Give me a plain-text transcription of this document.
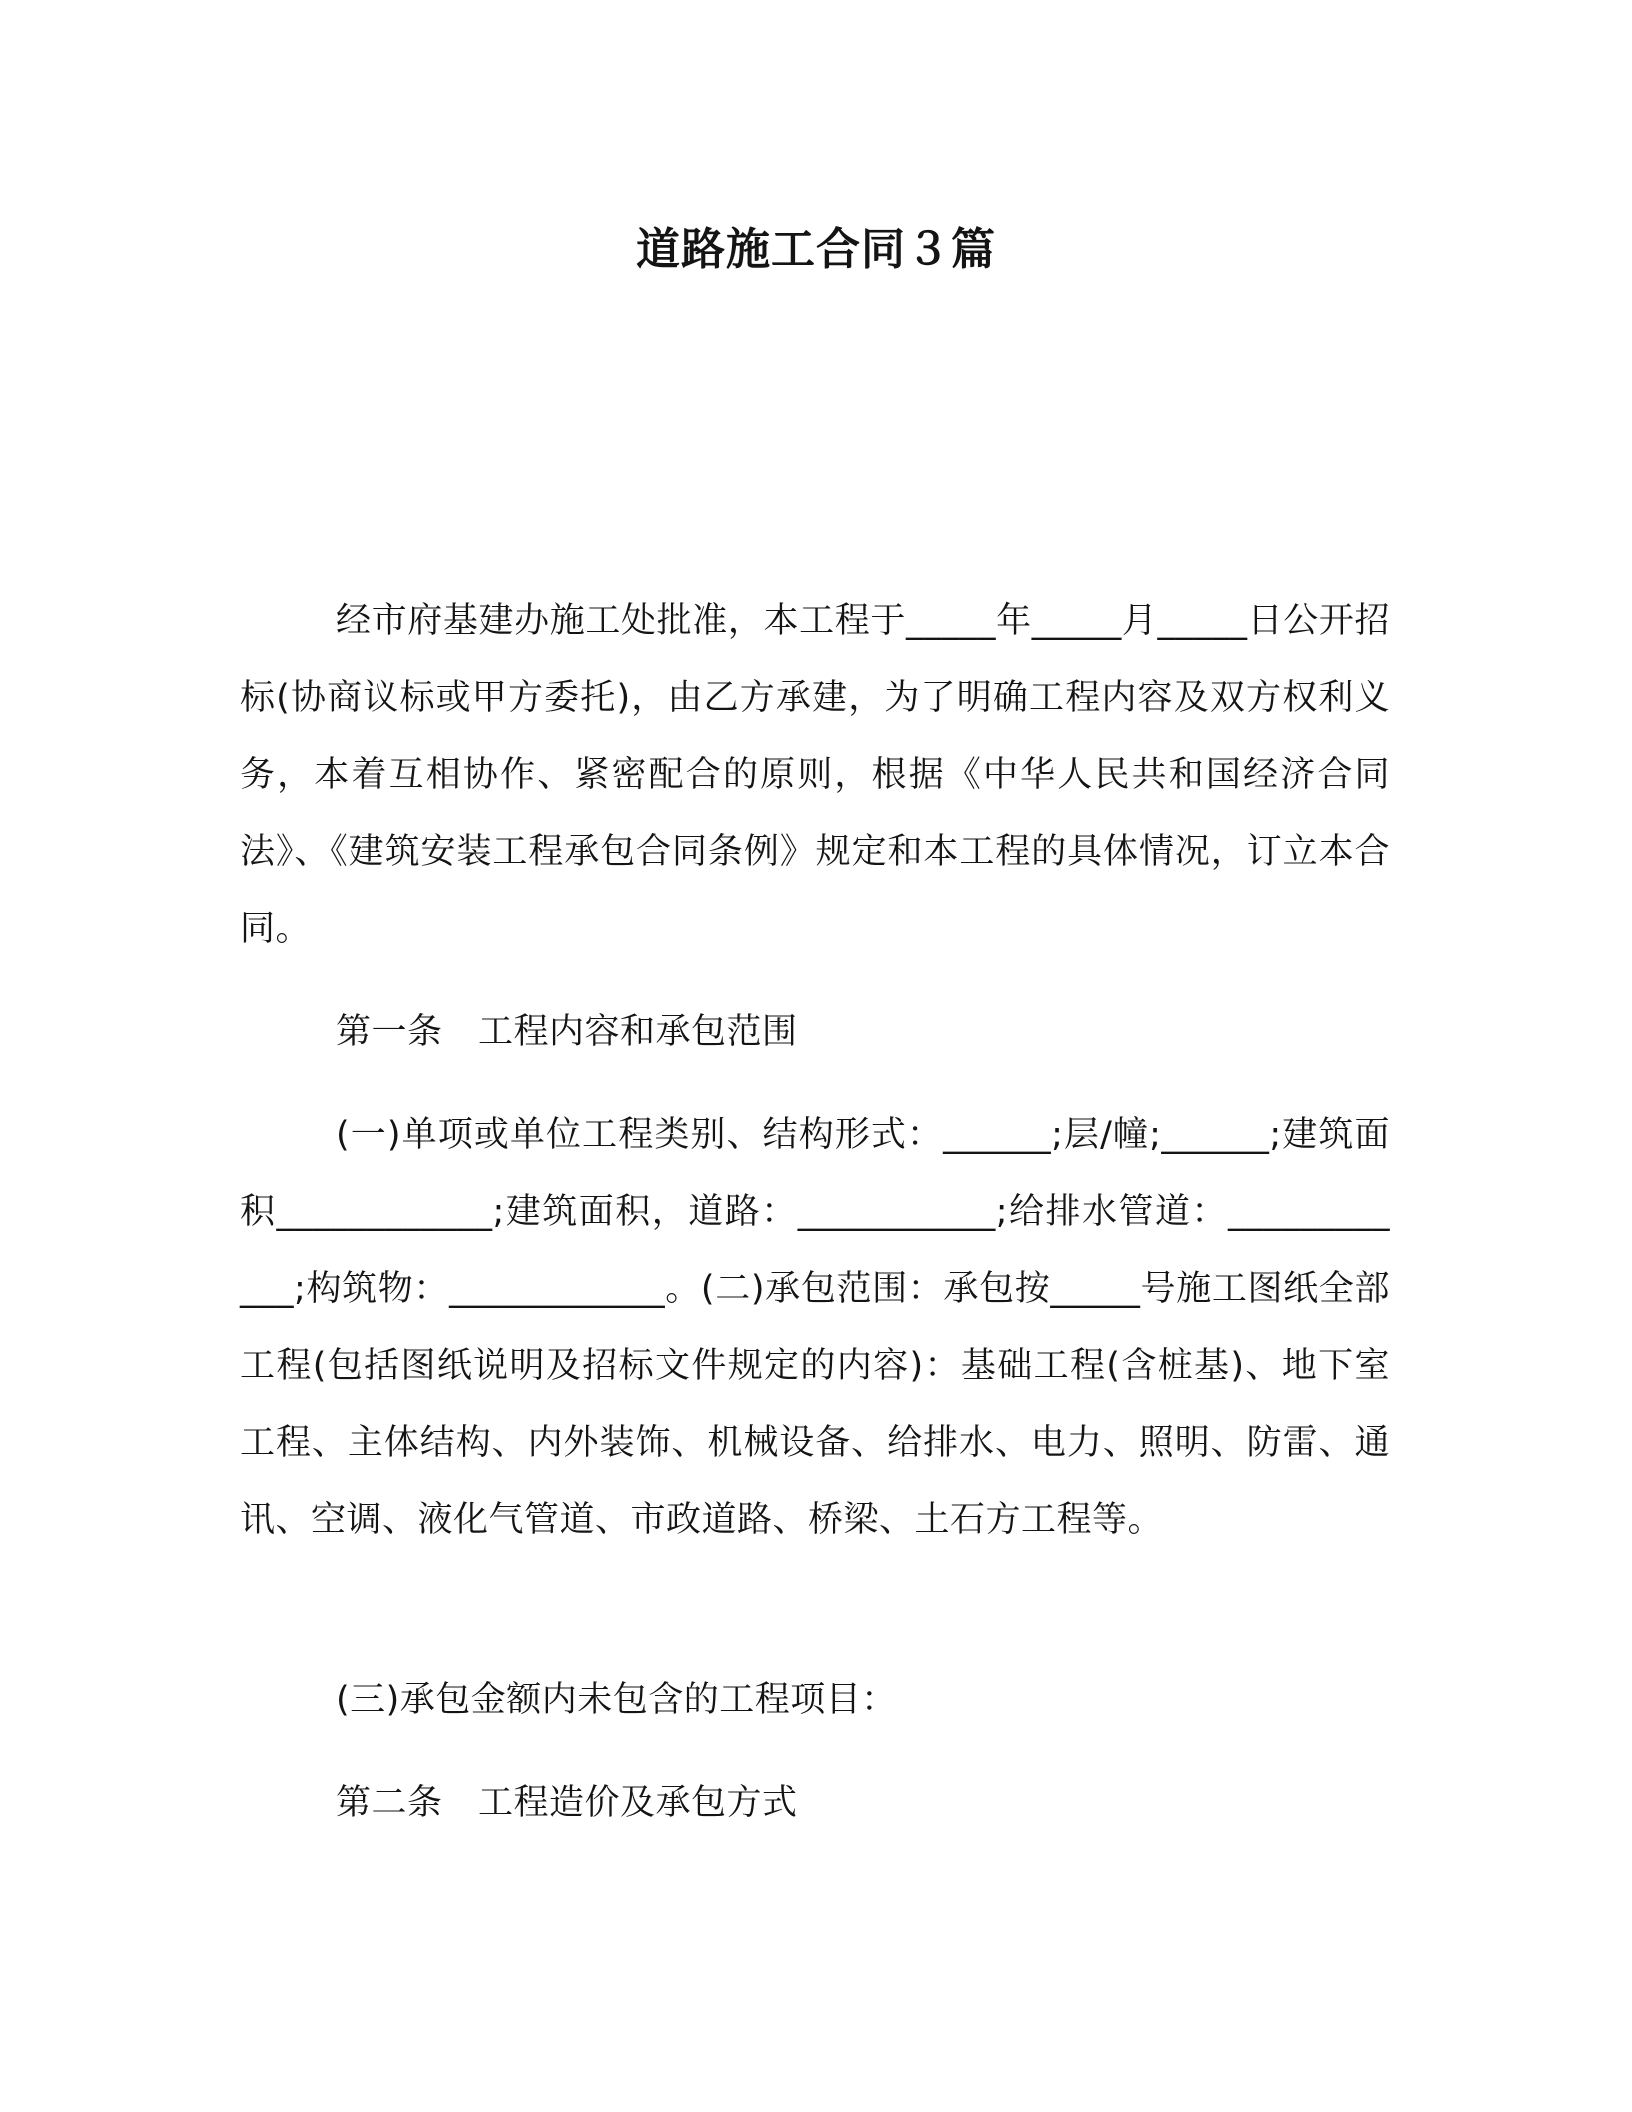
道路施工合同３篇

经市府基建办施工处批准，本工程于_____年_____月_____日公开招标(协商议标或甲方委托)，由乙方承建，为了明确工程内容及双方权利义务，本着互相协作、紧密配合的原则，根据《中华人民共和国经济合同法》、《建筑安装工程承包合同条例》规定和本工程的具体情况，订立本合同。

第一条　工程内容和承包范围

(一)单项或单位工程类别、结构形式：______;层/幢;______;建筑面积____________;建筑面积，道路：___________;给排水管道：____________;构筑物：____________。(二)承包范围：承包按_____号施工图纸全部工程(包括图纸说明及招标文件规定的内容)：基础工程(含桩基)、地下室工程、主体结构、内外装饰、机械设备、给排水、电力、照明、防雷、通讯、空调、液化气管道、市政道路、桥梁、土石方工程等。

(三)承包金额内未包含的工程项目：

第二条　工程造价及承包方式
